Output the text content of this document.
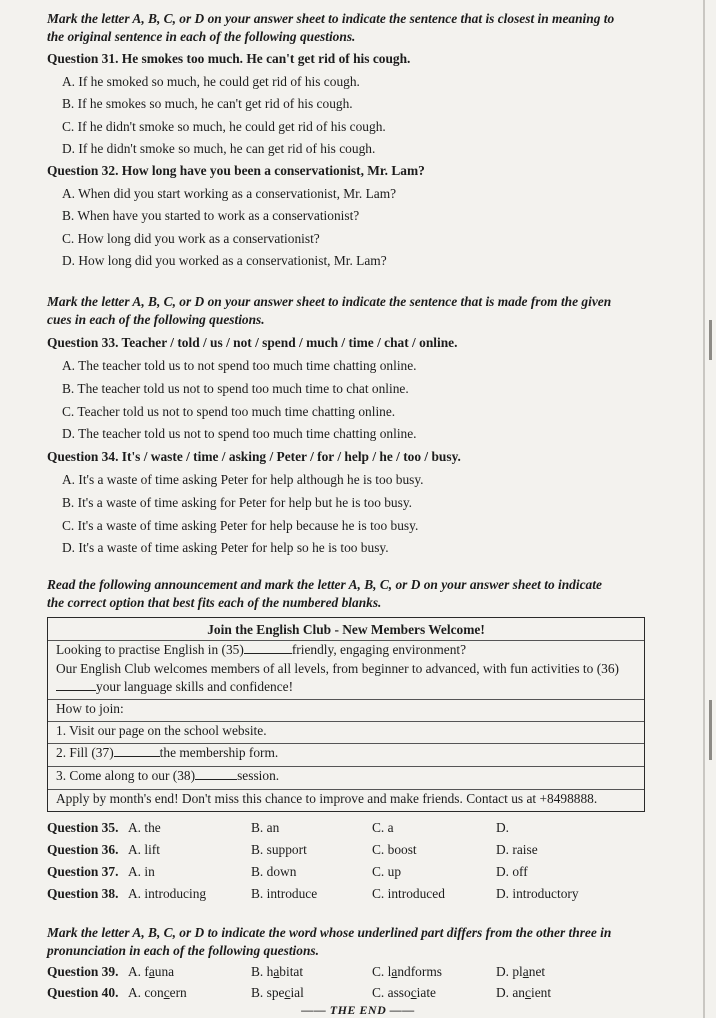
Mark the letter A, B, C, or D on your answer sheet to indicate the sentence that is closest in meaning to
the original sentence in each of the following questions.
Question 31. He smokes too much. He can't get rid of his cough.
A. If he smoked so much, he could get rid of his cough.
B. If he smokes so much, he can't get rid of his cough.
C. If he didn't smoke so much, he could get rid of his cough.
D. If he didn't smoke so much, he can get rid of his cough.
Question 32. How long have you been a conservationist, Mr. Lam?
A. When did you start working as a conservationist, Mr. Lam?
B. When have you started to work as a conservationist?
C. How long did you work as a conservationist?
D. How long did you worked as a conservationist, Mr. Lam?
Mark the letter A, B, C, or D on your answer sheet to indicate the sentence that is made from the given
cues in each of the following questions.
Question 33. Teacher / told / us / not / spend / much / time / chat / online.
A. The teacher told us to not spend too much time chatting online.
B. The teacher told us not to spend too much time to chat online.
C. Teacher told us not to spend too much time chatting online.
D. The teacher told us not to spend too much time chatting online.
Question 34. It's / waste / time / asking / Peter / for / help / he / too / busy.
A. It's a waste of time asking Peter for help although he is too busy.
B. It's a waste of time asking for Peter for help but he is too busy.
C. It's a waste of time asking Peter for help because he is too busy.
D. It's a waste of time asking Peter for help so he is too busy.
Read the following announcement and mark the letter A, B, C, or D on your answer sheet to indicate
the correct option that best fits each of the numbered blanks.
Join the English Club - New Members Welcome!
Looking to practise English in (35)	friendly, engaging environment?
Our English Club welcomes members of all levels, from beginner to advanced, with fun activities to (36)
your language skills and confidence!
How to join:
1. Visit our page on the school website.
2. Fill (37)	the membership form.
3. Come along to our (38)	session.
Apply by month's end! Don't miss this chance to improve and make friends. Contact us at +8498888.
Question 35. A. the	B. an	C. a	D.
Question 36. A. lift	B. support	C. boost	D. raise
Question 37. A. in	B. down	C. up	D. off
Question 38. A. introducing	B. introduce	C. introduced	D. introductory
Mark the letter A, B, C, or D to indicate the word whose underlined part differs from the other three in
pronunciation in each of the following questions.
Question 39. A. fauna	B. habitat	C. landforms	D. planet
Question 40. A. concern	B. special	C. associate	D. ancient
—— THE END ——
